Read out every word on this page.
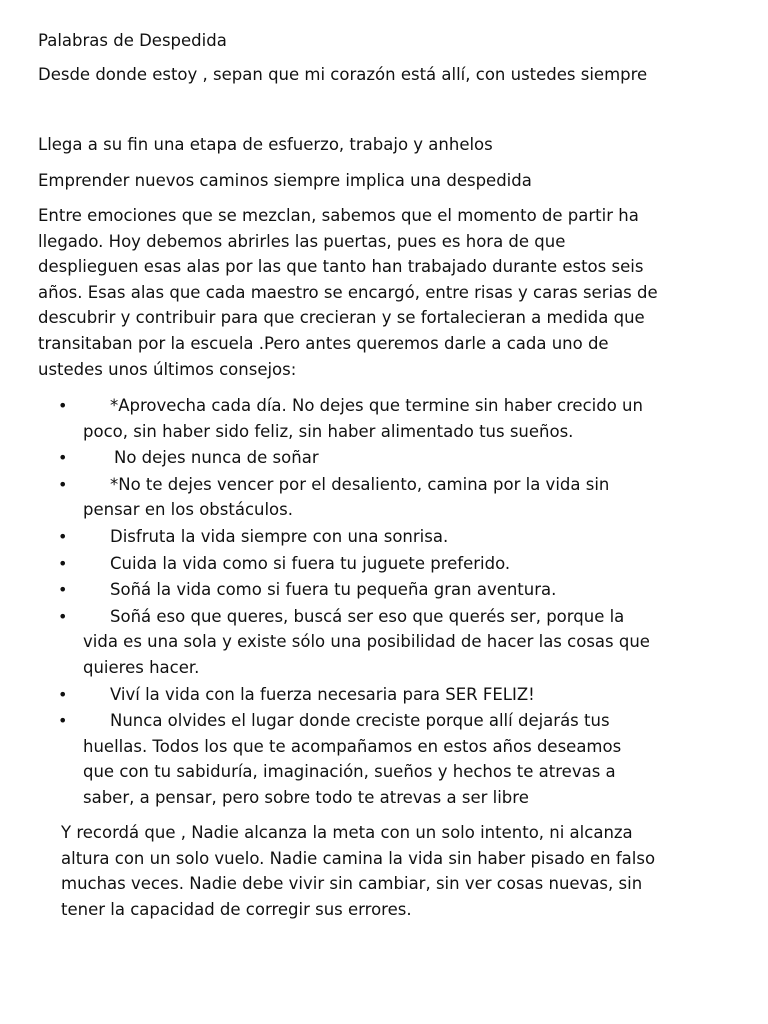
Palabras de Despedida

Desde donde estoy , sepan que mi corazón está allí, con ustedes siempre

Llega a su fin una etapa de esfuerzo, trabajo y anhelos

Emprender nuevos caminos siempre implica una despedida

Entre emociones que se mezclan, sabemos que el momento de partir ha
llegado. Hoy debemos abrirles las puertas, pues es hora de que
desplieguen esas alas por las que tanto han trabajado durante estos seis
años. Esas alas que cada maestro se encargó, entre risas y caras serias de
descubrir y contribuir para que crecieran y se fortalecieran a medida que
transitaban por la escuela .Pero antes queremos darle a cada uno de
ustedes unos últimos consejos:

•	*Aprovecha cada día. No dejes que termine sin haber crecido un
poco, sin haber sido feliz, sin haber alimentado tus sueños.
•	No dejes nunca de soñar
•	*No te dejes vencer por el desaliento, camina por la vida sin
pensar en los obstáculos.
•	Disfruta la vida siempre con una sonrisa.
•	Cuida la vida como si fuera tu juguete preferido.
•	Soñá la vida como si fuera tu pequeña gran aventura.
•	Soñá eso que queres, buscá ser eso que querés ser, porque la
vida es una sola y existe sólo una posibilidad de hacer las cosas que
quieres hacer.
•	Viví la vida con la fuerza necesaria para SER FELIZ!
•	Nunca olvides el lugar donde creciste porque allí dejarás tus
huellas. Todos los que te acompañamos en estos años deseamos
que con tu sabiduría, imaginación, sueños y hechos te atrevas a
saber, a pensar, pero sobre todo te atrevas a ser libre

Y recordá que , Nadie alcanza la meta con un solo intento, ni alcanza
altura con un solo vuelo. Nadie camina la vida sin haber pisado en falso
muchas veces. Nadie debe vivir sin cambiar, sin ver cosas nuevas, sin
tener la capacidad de corregir sus errores.
